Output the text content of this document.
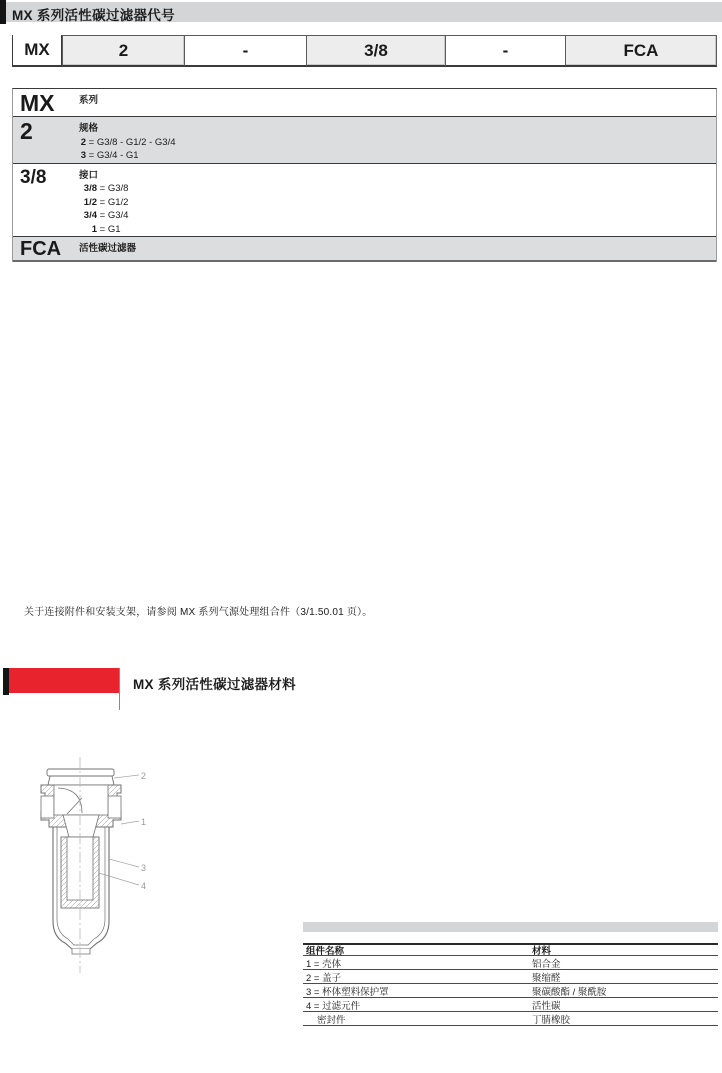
MX 系列活性碳过滤器代号
MX	2	-	3/8	-	FCA
MX	系列
2	规格
2 = G3/8 - G1/2 - G3/4
3 = G3/4 - G1
3/8	接口
3/8 = G3/8
1/2 = G1/2
3/4 = G3/4
1 = G1
FCA	活性碳过滤器
关于连接附件和安装支架，请参阅 MX 系列气源处理组合件（3/1.50.01 页）。
MX 系列活性碳过滤器材料
2
1
3
4
组件名称	材料
1 = 壳体	铝合金
2 = 盖子	聚缩醛
3 = 杯体塑料保护罩	聚碳酸酯 / 聚酰胺
4 = 过滤元件	活性碳
密封件	丁腈橡胶
